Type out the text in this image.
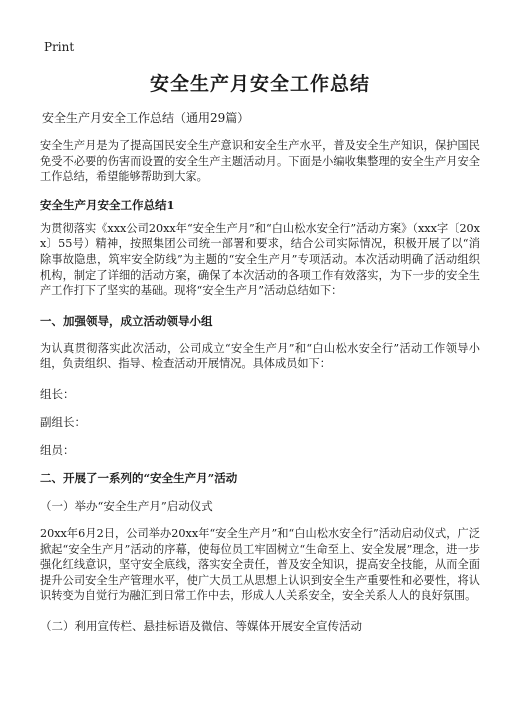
Print
安全生产月安全工作总结
安全生产月安全工作总结（通用29篇）

安全生产月是为了提高国民安全生产意识和安全生产水平，普及安全生产知识，保护国民免受不必要的伤害而设置的安全生产主题活动月。下面是小编收集整理的安全生产月安全工作总结，希望能够帮助到大家。

安全生产月安全工作总结1

为贯彻落实《xxx公司20xx年“安全生产月”和“白山松水安全行”活动方案》（xxx字〔20xx〕55号）精神，按照集团公司统一部署和要求，结合公司实际情况，积极开展了以“消除事故隐患，筑牢安全防线”为主题的“安全生产月”专项活动。本次活动明确了活动组织机构，制定了详细的活动方案，确保了本次活动的各项工作有效落实，为下一步的安全生产工作打下了坚实的基础。现将“安全生产月”活动总结如下：

一、加强领导，成立活动领导小组

为认真贯彻落实此次活动，公司成立“安全生产月”和“白山松水安全行”活动工作领导小组，负责组织、指导、检查活动开展情况。具体成员如下：

组长：
副组长：
组员：
二、开展了一系列的“安全生产月”活动
（一）举办“安全生产月”启动仪式

20xx年6月2日，公司举办20xx年“安全生产月”和“白山松水安全行”活动启动仪式，广泛掀起“安全生产月”活动的序幕，使每位员工牢固树立“生命至上、安全发展”理念，进一步强化红线意识，坚守安全底线，落实安全责任，普及安全知识，提高安全技能，从而全面提升公司安全生产管理水平，使广大员工从思想上认识到安全生产重要性和必要性，将认识转变为自觉行为融汇到日常工作中去，形成人人关系安全，安全关系人人的良好氛围。

（二）利用宣传栏、悬挂标语及微信、等媒体开展安全宣传活动
